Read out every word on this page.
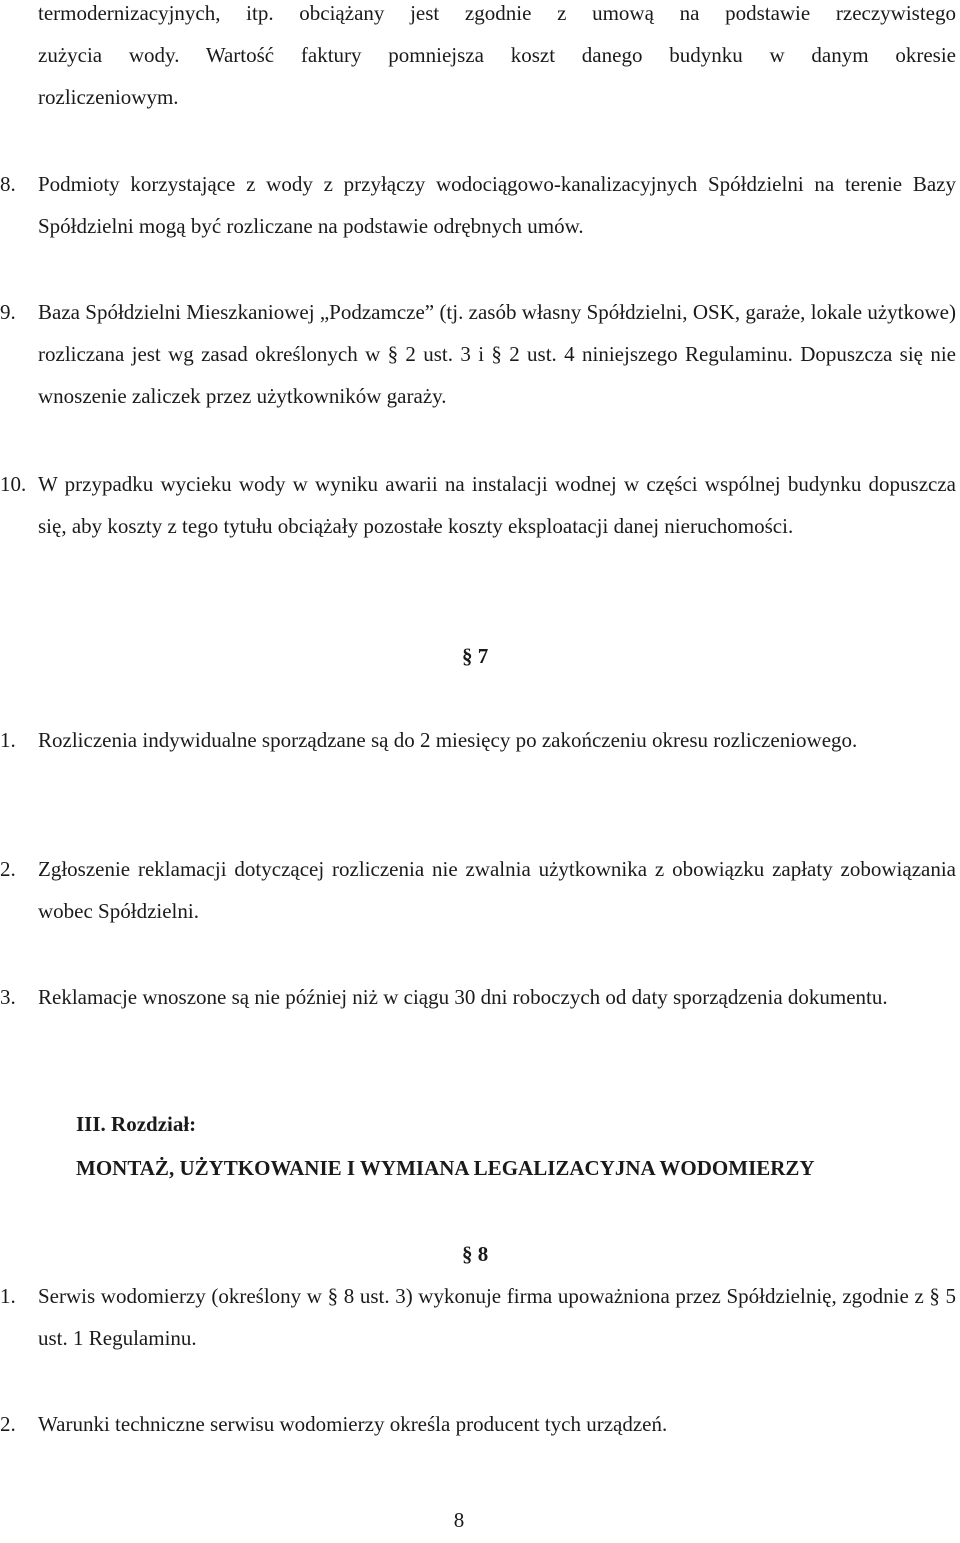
termodernizacyjnych, itp. obciążany jest zgodnie z umową na podstawie rzeczywistego
zużycia wody. Wartość faktury pomniejsza koszt danego budynku w danym okresie
rozliczeniowym.
8.	Podmioty korzystające z wody z przyłączy wodociągowo-kanalizacyjnych Spółdzielni na terenie Bazy Spółdzielni mogą być rozliczane na podstawie odrębnych umów.
9.	Baza Spółdzielni Mieszkaniowej „Podzamcze” (tj. zasób własny Spółdzielni, OSK, garaże, lokale użytkowe) rozliczana jest wg zasad określonych w § 2 ust. 3 i § 2 ust. 4 niniejszego Regulaminu. Dopuszcza się nie wnoszenie zaliczek przez użytkowników garaży.
10. W przypadku wycieku wody w wyniku awarii na instalacji wodnej w części wspólnej budynku dopuszcza się, aby koszty z tego tytułu obciążały pozostałe koszty eksploatacji danej nieruchomości.
§ 7
1.	Rozliczenia indywidualne sporządzane są do 2 miesięcy po zakończeniu okresu rozliczeniowego.
2.	Zgłoszenie reklamacji dotyczącej rozliczenia nie zwalnia użytkownika z obowiązku zapłaty zobowiązania wobec Spółdzielni.
3.	Reklamacje wnoszone są nie później niż w ciągu 30 dni roboczych od daty sporządzenia dokumentu.
III. Rozdział:
MONTAŻ, UŻYTKOWANIE I WYMIANA LEGALIZACYJNA WODOMIERZY
§ 8
1.	Serwis wodomierzy (określony w § 8 ust. 3) wykonuje firma upoważniona przez Spółdzielnię, zgodnie z § 5 ust. 1 Regulaminu.
2.	Warunki techniczne serwisu wodomierzy określa producent tych urządzeń.
8
